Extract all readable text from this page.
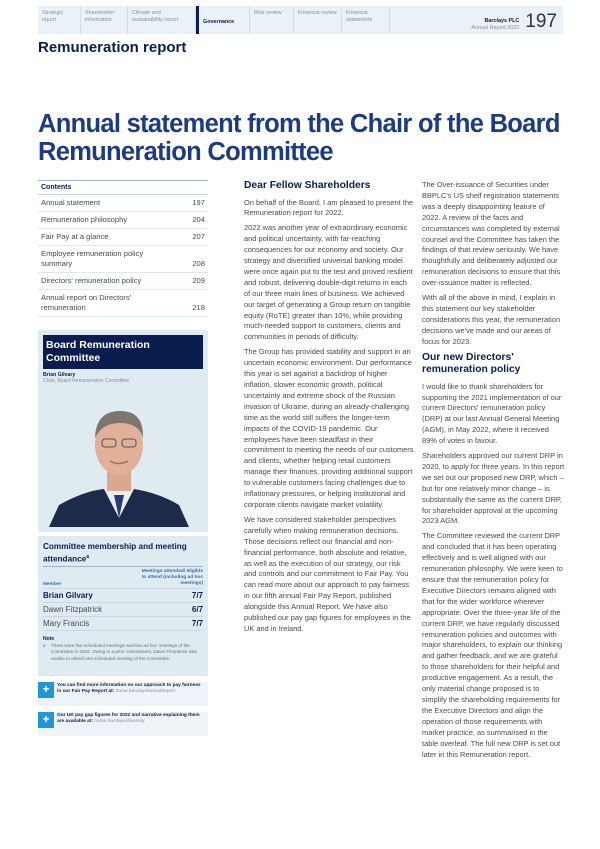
Strategic report
Shareholder information
Climate and sustainability report	Governance
Risk review	Financial review	Financial statements	Barclays PLC
Annual Report 2022 197
Remuneration report
Annual statement from the Chair of the Board Remuneration Committee
Contents
Annual statement	197
Remuneration philosophy	204
Fair Pay at a glance	207
Employee remuneration policy summary	208
Directors' remuneration policy	209
Annual report on Directors' remuneration	218
Board Remuneration Committee
Brian Gilvary
Chair, Board Remuneration Committee
Committee membership and meeting attendance$^a$
Member
Meetings attended/ eligible to attend (including ad hoc meetings)
Brian Gilvary	7/7
Dawn Fitzpatrick	6/7
Mary Francis	7/7
Note
a	There were five scheduled meetings and two ad hoc meetings of the Committee in 2022. Owing to a prior commitment, Dawn Fitzpatrick was unable to attend one scheduled meeting of the Committee.
+	You can find more information on our approach to pay fairness in our Fair Pay Report at: home.barclays/annualreport
+	Our UK pay gap figures for 2022 and narrative explaining them are available at: home.barclays/diversity
Dear Fellow Shareholders

On behalf of the Board, I am pleased to present the Remuneration report for 2022.

2022 was another year of extraordinary economic and political uncertainty, with far-reaching consequences for our economy and society. Our strategy and diversified universal banking model were once again put to the test and proved resilient and robust, delivering double-digit returns in each of our three main lines of business. We achieved our target of generating a Group return on tangible equity (RoTE) greater than 10%, while providing much-needed support to customers, clients and communities in periods of difficulty.

The Group has provided stability and support in an uncertain economic environment. Our performance this year is set against a backdrop of higher inflation, slower economic growth, political uncertainty and extreme shock of the Russian invasion of Ukraine, during an already-challenging time as the world still suffers the longer-term impacts of the COVID-19 pandemic. Our employees have been steadfast in their commitment to meeting the needs of our customers and clients, whether helping retail customers manage their finances, providing additional support to vulnerable customers facing challenges due to inflationary pressures, or helping institutional and corporate clients navigate market volatility.

We have considered stakeholder perspectives carefully when making remuneration decisions. Those decisions reflect our financial and non-financial performance, both absolute and relative, as well as the execution of our strategy, our risk and controls and our commitment to Fair Pay. You can read more about our approach to pay fairness in our fifth annual Fair Pay Report, published alongside this Annual Report. We have also published our pay gap figures for employees in the UK and in Ireland.

The Over-issuance of Securities under BBPLC's US shelf registration statements was a deeply disappointing feature of 2022. A review of the facts and circumstances was completed by external counsel and the Committee has taken the findings of that review seriously. We have thoughtfully and deliberately adjusted our remuneration decisions to ensure that this over-issuance matter is reflected.

With all of the above in mind, I explain in this statement our key stakeholder considerations this year, the remuneration decisions we've made and our areas of focus for 2023.

Our new Directors' remuneration policy

I would like to thank shareholders for supporting the 2021 implementation of our current Directors' remuneration policy (DRP) at our last Annual General Meeting (AGM), in May 2022, where it received 89% of votes in favour.

Shareholders approved our current DRP in 2020, to apply for three years. In this report we set out our proposed new DRP, which – but for one relatively minor change – is substantially the same as the current DRP, for shareholder approval at the upcoming 2023 AGM.

The Committee reviewed the current DRP and concluded that it has been operating effectively and is well aligned with our remuneration philosophy. We were keen to ensure that the remuneration policy for Executive Directors remains aligned with that for the wider workforce wherever appropriate. Over the three-year life of the current DRP, we have regularly discussed remuneration policies and outcomes with major shareholders, to explain our thinking and gather feedback, and we are grateful to those shareholders for their helpful and productive engagement. As a result, the only material change proposed is to simplify the shareholding requirements for the Executive Directors and align the operation of those requirements with market practice, as summarised in the table overleaf. The full new DRP is set out later in this Remuneration report.
